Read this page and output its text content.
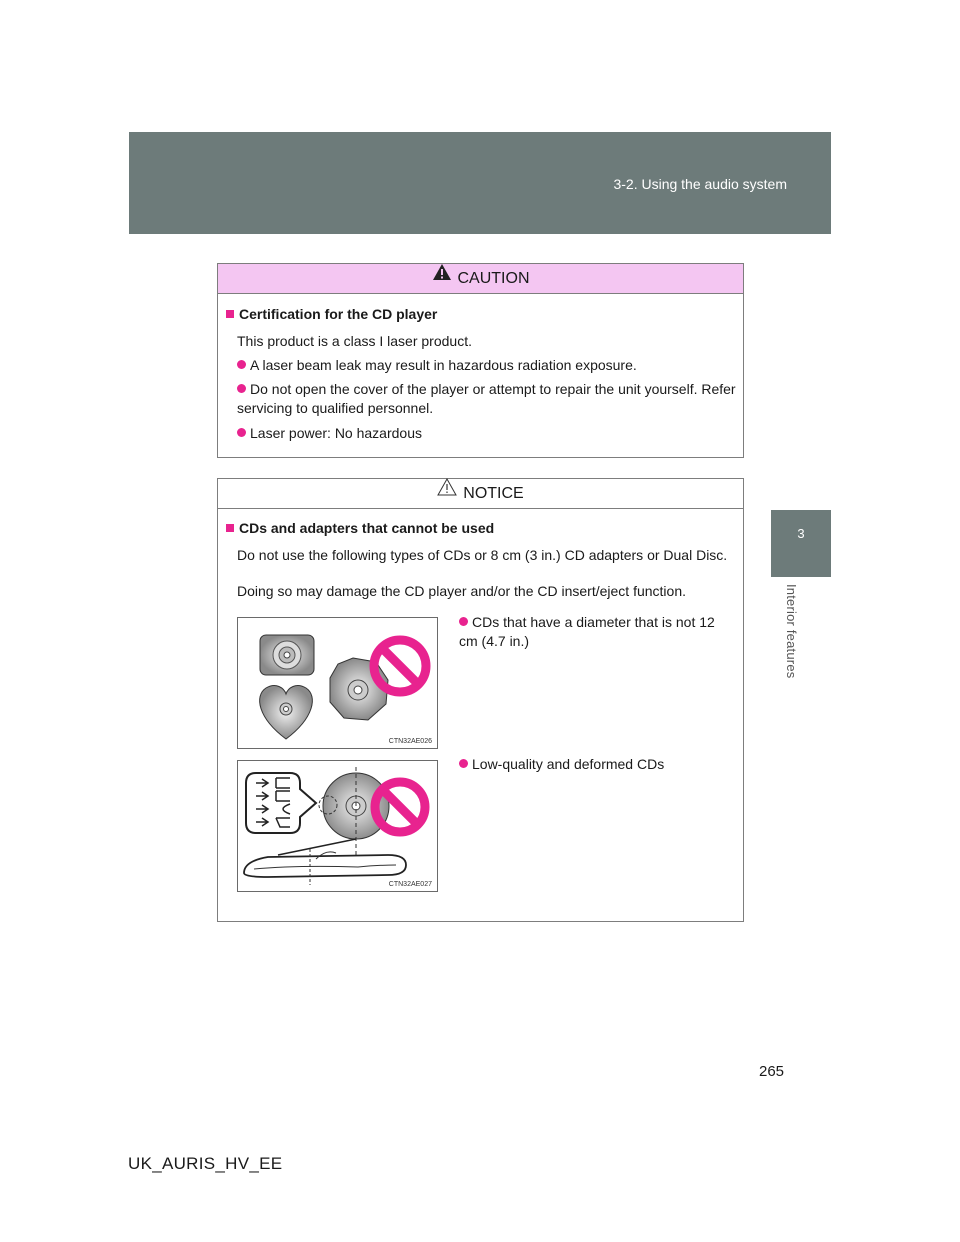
3-2. Using the audio system
3
Interior features
CAUTION
Certification for the CD player
This product is a class I laser product.
A laser beam leak may result in hazardous radiation exposure.
Do not open the cover of the player or attempt to repair the unit yourself. Refer servicing to qualified personnel.
Laser power: No hazardous
NOTICE
CDs and adapters that cannot be used
Do not use the following types of CDs or 8 cm (3 in.) CD adapters or Dual Disc.
Doing so may damage the CD player and/or the CD insert/eject function.
CDs that have a diameter that is not 12 cm (4.7 in.)
Low-quality and deformed CDs
CTN32AE026
CTN32AE027
265
UK_AURIS_HV_EE
